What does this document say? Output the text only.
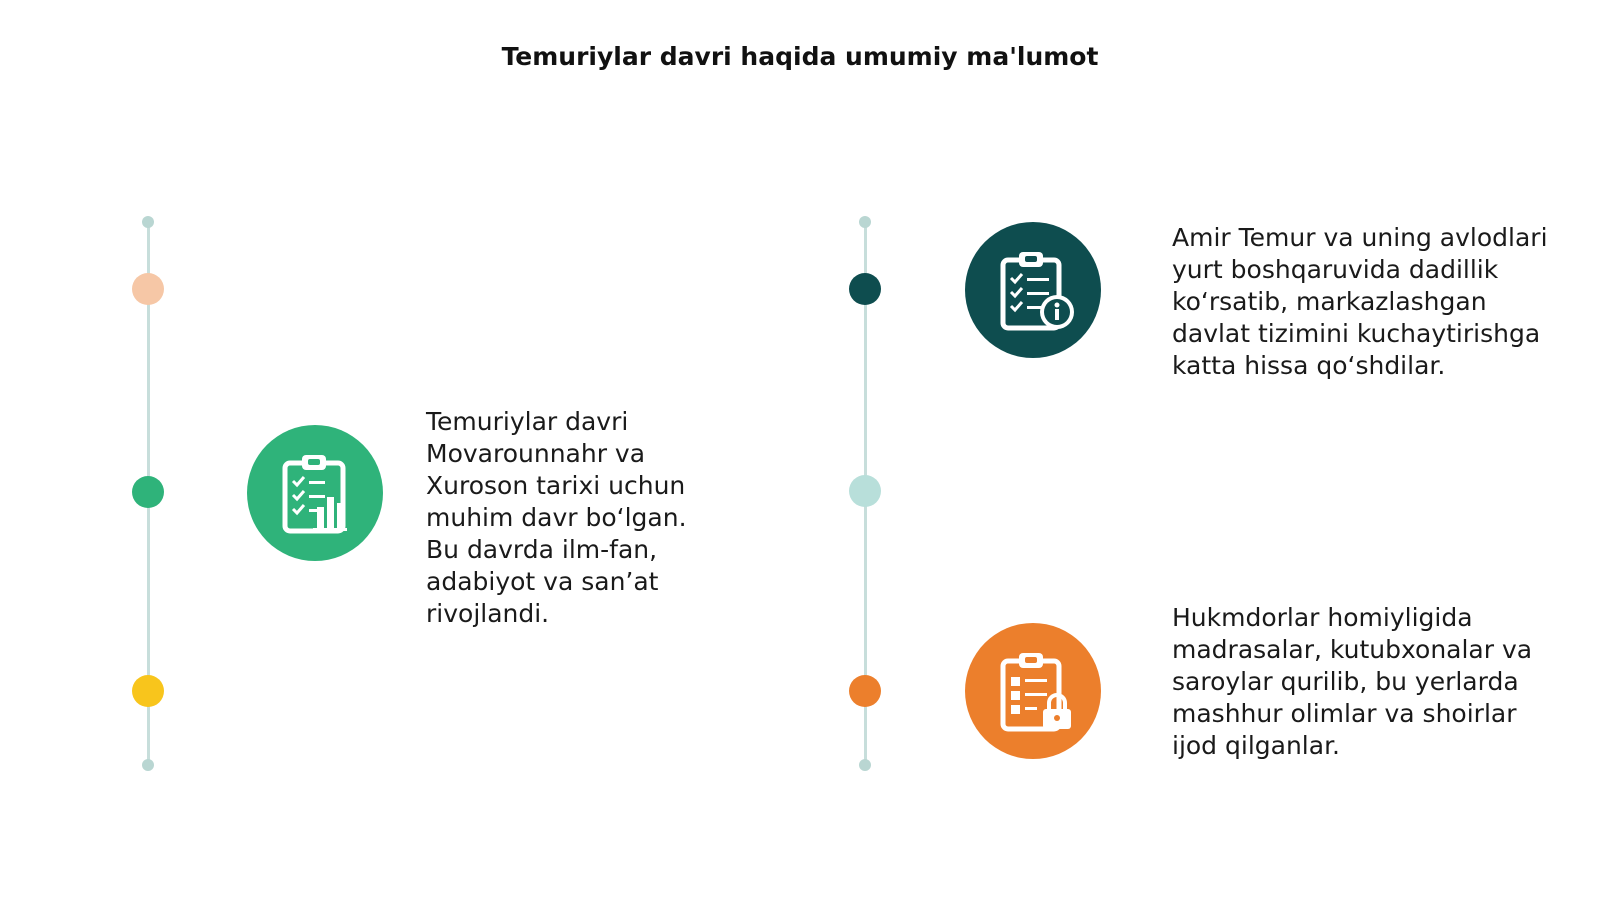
Temuriylar davri haqida umumiy ma'lumot
Temuriylar davri Movarounnahr va Xuroson tarixi uchun muhim davr bo‘lgan. Bu davrda ilm-fan, adabiyot va san’at rivojlandi.
Amir Temur va uning avlodlari yurt boshqaruvida dadillik ko‘rsatib, markazlashgan davlat tizimini kuchaytirishga katta hissa qo‘shdilar.
Hukmdorlar homiyligida madrasalar, kutubxonalar va saroylar qurilib, bu yerlarda mashhur olimlar va shoirlar ijod qilganlar.
